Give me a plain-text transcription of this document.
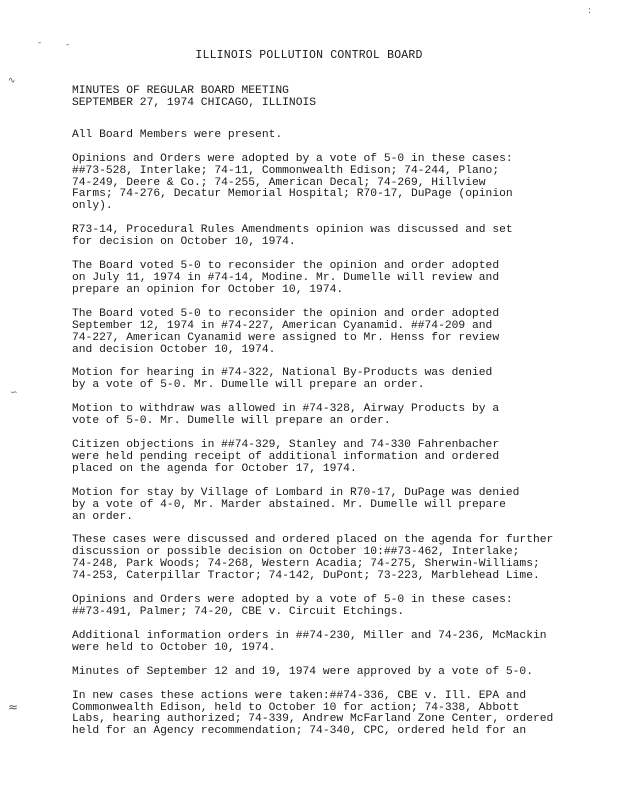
:
-	-
∿
∽
≈
ILLINOIS POLLUTION CONTROL BOARD

MINUTES OF REGULAR BOARD MEETING

SEPTEMBER 27, 1974 CHICAGO, ILLINOIS

All Board Members were present.

Opinions and Orders were adopted by a vote of 5-0 in these cases:
##73-528, Interlake; 74-11, Commonwealth Edison; 74-244, Plano;
74-249, Deere & Co.; 74-255, American Decal; 74-269, Hillview
Farms; 74-276, Decatur Memorial Hospital; R70-17, DuPage (opinion
only).

R73-14, Procedural Rules Amendments opinion was discussed and set
for decision on October 10, 1974.

The Board voted 5-0 to reconsider the opinion and order adopted
on July 11, 1974 in #74-14, Modine. Mr. Dumelle will review and
prepare an opinion for October 10, 1974.

The Board voted 5-0 to reconsider the opinion and order adopted
September 12, 1974 in #74-227, American Cyanamid. ##74-209 and
74-227, American Cyanamid were assigned to Mr. Henss for review
and decision October 10, 1974.

Motion for hearing in #74-322, National By-Products was denied
by a vote of 5-0. Mr. Dumelle will prepare an order.

Motion to withdraw was allowed in #74-328, Airway Products by a
vote of 5-0. Mr. Dumelle will prepare an order.

Citizen objections in ##74-329, Stanley and 74-330 Fahrenbacher
were held pending receipt of additional information and ordered
placed on the agenda for October 17, 1974.

Motion for stay by Village of Lombard in R70-17, DuPage was denied
by a vote of 4-0, Mr. Marder abstained. Mr. Dumelle will prepare
an order.

These cases were discussed and ordered placed on the agenda for further
discussion or possible decision on October 10:##73-462, Interlake;
74-248, Park Woods; 74-268, Western Acadia; 74-275, Sherwin-Williams;
74-253, Caterpillar Tractor; 74-142, DuPont; 73-223, Marblehead Lime.

Opinions and Orders were adopted by a vote of 5-0 in these cases:
##73-491, Palmer; 74-20, CBE v. Circuit Etchings.

Additional information orders in ##74-230, Miller and 74-236, McMackin
were held to October 10, 1974.

Minutes of September 12 and 19, 1974 were approved by a vote of 5-0.

In new cases these actions were taken:##74-336, CBE v. Ill. EPA and
Commonwealth Edison, held to October 10 for action; 74-338, Abbott
Labs, hearing authorized; 74-339, Andrew McFarland Zone Center, ordered
held for an Agency recommendation; 74-340, CPC, ordered held for an
